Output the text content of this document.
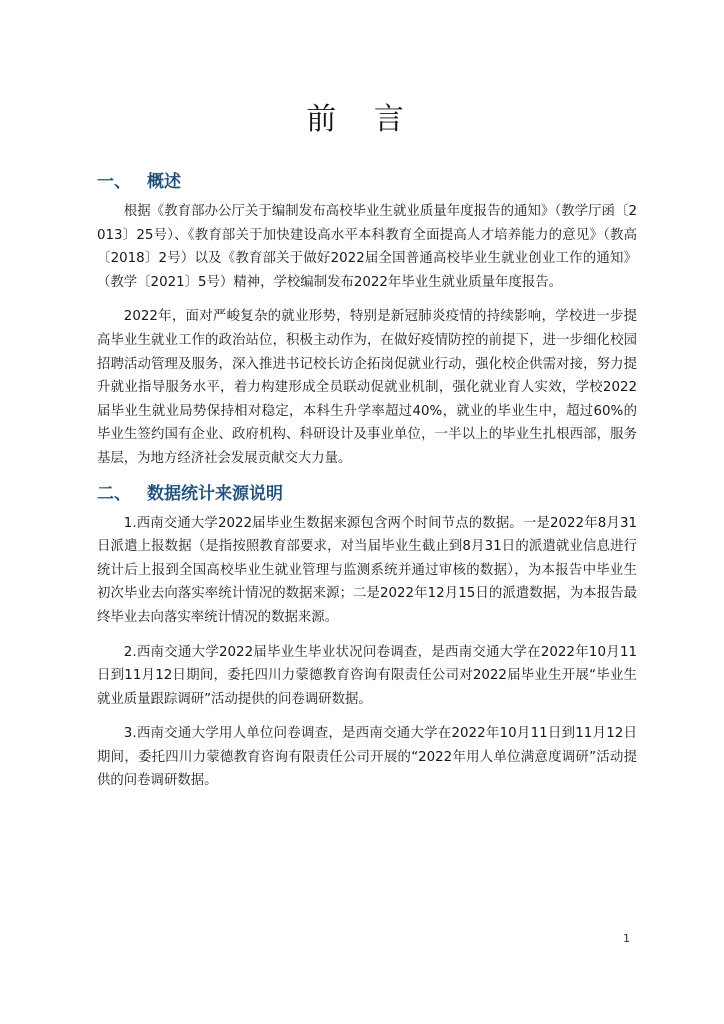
前 言
一、 概述

根据《教育部办公厅关于编制发布高校毕业生就业质量年度报告的通知》（教学厅函〔2013〕25号）、《教育部关于加快建设高水平本科教育全面提高人才培养能力的意见》（教高〔2018〕2号）以及《教育部关于做好2022届全国普通高校毕业生就业创业工作的通知》（教学〔2021〕5号）精神，学校编制发布2022年毕业生就业质量年度报告。

2022年，面对严峻复杂的就业形势，特别是新冠肺炎疫情的持续影响，学校进一步提高毕业生就业工作的政治站位，积极主动作为，在做好疫情防控的前提下，进一步细化校园招聘活动管理及服务，深入推进书记校长访企拓岗促就业行动，强化校企供需对接，努力提升就业指导服务水平，着力构建形成全员联动促就业机制，强化就业育人实效，学校2022届毕业生就业局势保持相对稳定，本科生升学率超过40%，就业的毕业生中，超过60%的毕业生签约国有企业、政府机构、科研设计及事业单位，一半以上的毕业生扎根西部，服务基层，为地方经济社会发展贡献交大力量。

二、 数据统计来源说明

1.西南交通大学2022届毕业生数据来源包含两个时间节点的数据。一是2022年8月31日派遣上报数据（是指按照教育部要求，对当届毕业生截止到8月31日的派遣就业信息进行统计后上报到全国高校毕业生就业管理与监测系统并通过审核的数据），为本报告中毕业生初次毕业去向落实率统计情况的数据来源；二是2022年12月15日的派遣数据，为本报告最终毕业去向落实率统计情况的数据来源。

2.西南交通大学2022届毕业生毕业状况问卷调查，是西南交通大学在2022年10月11日到11月12日期间，委托四川力蒙德教育咨询有限责任公司对2022届毕业生开展“毕业生就业质量跟踪调研”活动提供的问卷调研数据。

3.西南交通大学用人单位问卷调查，是西南交通大学在2022年10月11日到11月12日期间，委托四川力蒙德教育咨询有限责任公司开展的“2022年用人单位满意度调研”活动提供的问卷调研数据。

1
